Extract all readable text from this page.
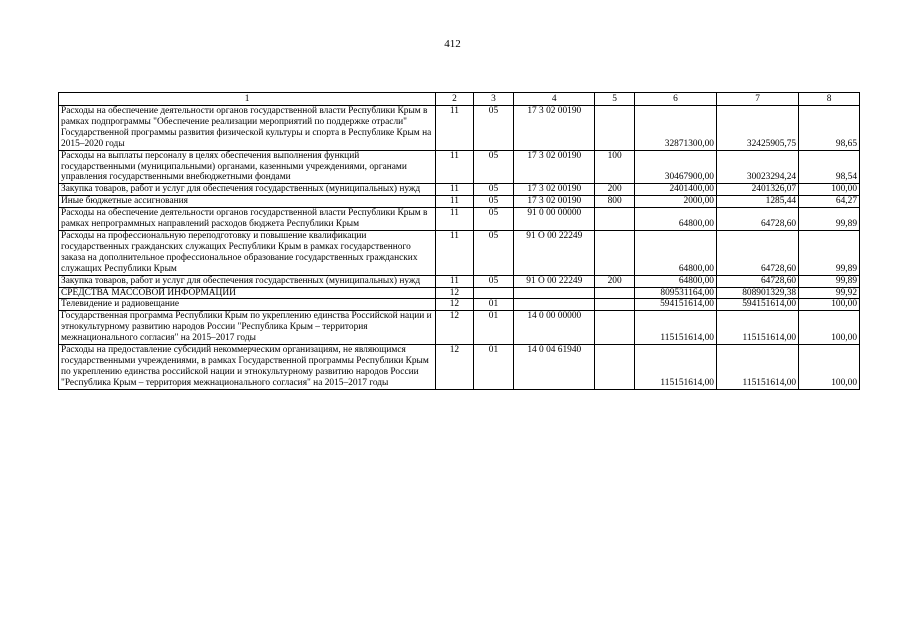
412
1	2	3	4	5	6	7	8
Расходы на обеспечение деятельности органов государственной власти Республики Крым в рамках подпрограммы "Обеспечение реализации мероприятий по поддержке отрасли" Государственной программы развития физической культуры и спорта в Республике Крым на 2015–2020 годы	11	05	17 3 02 00190		32871300,00	32425905,75	98,65
Расходы на выплаты персоналу в целях обеспечения выполнения функций государственными (муниципальными) органами, казенными учреждениями, органами управления государственными внебюджетными фондами	11	05	17 3 02 00190	100	30467900,00	30023294,24	98,54
Закупка товаров, работ и услуг для обеспечения государственных (муниципальных) нужд	11	05	17 3 02 00190	200	2401400,00	2401326,07	100,00
Иные бюджетные ассигнования	11	05	17 3 02 00190	800	2000,00	1285,44	64,27
Расходы на обеспечение деятельности органов государственной власти Республики Крым в рамках непрограммных направлений расходов бюджета Республики Крым	11	05	91 0 00 00000		64800,00	64728,60	99,89
Расходы на профессиональную переподготовку и повышение квалификации государственных гражданских служащих Республики Крым в рамках государственного заказа на дополнительное профессиональное образование государственных гражданских служащих Республики Крым	11	05	91 О 00 22249		64800,00	64728,60	99,89
Закупка товаров, работ и услуг для обеспечения государственных (муниципальных) нужд	11	05	91 О 00 22249	200	64800,00	64728,60	99,89
СРЕДСТВА МАССОВОЙ ИНФОРМАЦИИ	12				809531164,00	808901329,38	99,92
Телевидение и радиовещание	12	01			594151614,00	594151614,00	100,00
Государственная программа Республики Крым по укреплению единства Российской нации и этнокультурному развитию народов России "Республика Крым – территория межнационального согласия" на 2015–2017 годы	12	01	14 0 00 00000		115151614,00	115151614,00	100,00
Расходы на предоставление субсидий некоммерческим организациям, не являющимся государственными учреждениями, в рамках Государственной программы Республики Крым по укреплению единства российской нации и этнокультурному развитию народов России "Республика Крым – территория межнационального согласия" на 2015–2017 годы	12	01	14 0 04 61940		115151614,00	115151614,00	100,00
